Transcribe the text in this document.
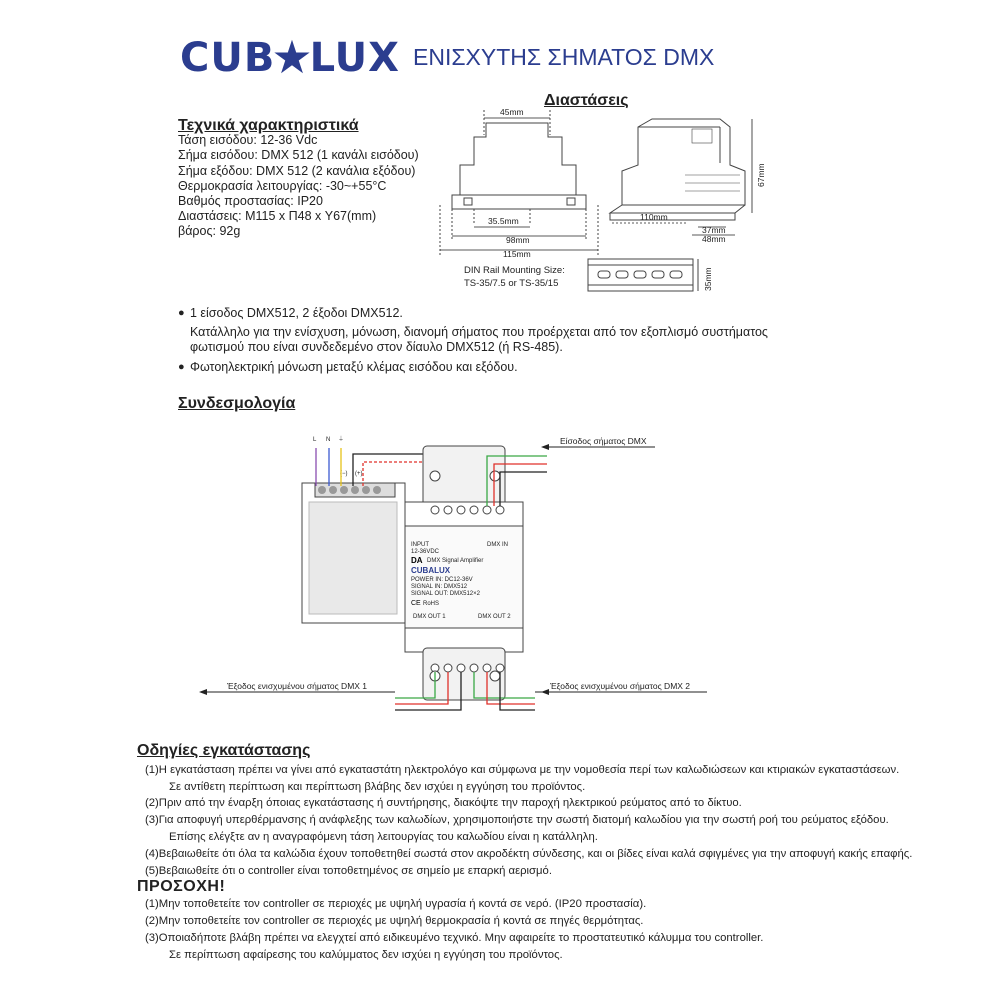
CUB★LUX ΕΝΙΣΧΥΤΗΣ ΣΗΜΑΤΟΣ DMX
Τεχνικά χαρακτηριστικά
Τάση εισόδου: 12-36 Vdc
Σήμα εισόδου: DMX 512 (1 κανάλι εισόδου)
Σήμα εξόδου: DMX 512 (2 κανάλια εξόδου)
Θερμοκρασία λειτουργίας: -30~+55°C
Βαθμός προστασίας: IP20
Διαστάσεις: Μ115 x Π48 x Υ67(mm)
βάρος: 92g
Διαστάσεις
45mm
35.5mm
98mm
115mm
110mm
67mm
37mm
48mm
DIN Rail Mounting Size:
TS-35/7.5 or TS-35/15	35mm
● 1 είσοδος DMX512, 2 έξοδοι DMX512.
Κατάλληλο για την ενίσχυση, μόνωση, διανομή σήματος που προέρχεται από τον εξοπλισμό συστήματος
φωτισμού που είναι συνδεδεμένο στον δίαυλο DMX512 (ή RS-485).
● Φωτοηλεκτρική μόνωση μεταξύ κλέμας εισόδου και εξόδου.
Συνδεσμολογία
L N ⏚
(−) (+)
INPUT
12-36VDC
DMX IN
DA DMX Signal Amplifier
CUBALUX
POWER IN: DC12-36V
SIGNAL IN: DMX512
SIGNAL OUT: DMX512×2
CE RoHS
DMX OUT 1	DMX OUT 2
Είσοδος σήματος DMX
Έξοδος ενισχυμένου σήματος DMX 1	Έξοδος ενισχυμένου σήματος DMX 2
Οδηγίες εγκατάστασης
(1)Η εγκατάσταση πρέπει να γίνει από εγκαταστάτη ηλεκτρολόγο και σύμφωνα με την νομοθεσία περί των καλωδιώσεων και κτιριακών εγκαταστάσεων.
Σε αντίθετη περίπτωση και περίπτωση βλάβης δεν ισχύει η εγγύηση του προϊόντος.
(2)Πριν από την έναρξη όποιας εγκατάστασης ή συντήρησης, διακόψτε την παροχή ηλεκτρικού ρεύματος από το δίκτυο.
(3)Για αποφυγή υπερθέρμανσης ή ανάφλεξης των καλωδίων, χρησιμοποιήστε την σωστή διατομή καλωδίου για την σωστή ροή του ρεύματος εξόδου.
Επίσης ελέγξτε αν η αναγραφόμενη τάση λειτουργίας του καλωδίου είναι η κατάλληλη.
(4)Βεβαιωθείτε ότι όλα τα καλώδια έχουν τοποθετηθεί σωστά στον ακροδέκτη σύνδεσης, και οι βίδες είναι καλά σφιγμένες για την αποφυγή κακής επαφής.
(5)Βεβαιωθείτε ότι ο controller είναι τοποθετημένος σε σημείο με επαρκή αερισμό.
ΠΡΟΣΟΧΗ!
(1)Μην τοποθετείτε τον controller σε περιοχές με υψηλή υγρασία ή κοντά σε νερό. (IP20 προστασία).
(2)Μην τοποθετείτε τον controller σε περιοχές με υψηλή θερμοκρασία ή κοντά σε πηγές θερμότητας.
(3)Οποιαδήποτε βλάβη πρέπει να ελεγχτεί από ειδικευμένο τεχνικό. Μην αφαιρείτε το προστατευτικό κάλυμμα του controller.
Σε περίπτωση αφαίρεσης του καλύμματος δεν ισχύει η εγγύηση του προϊόντος.
